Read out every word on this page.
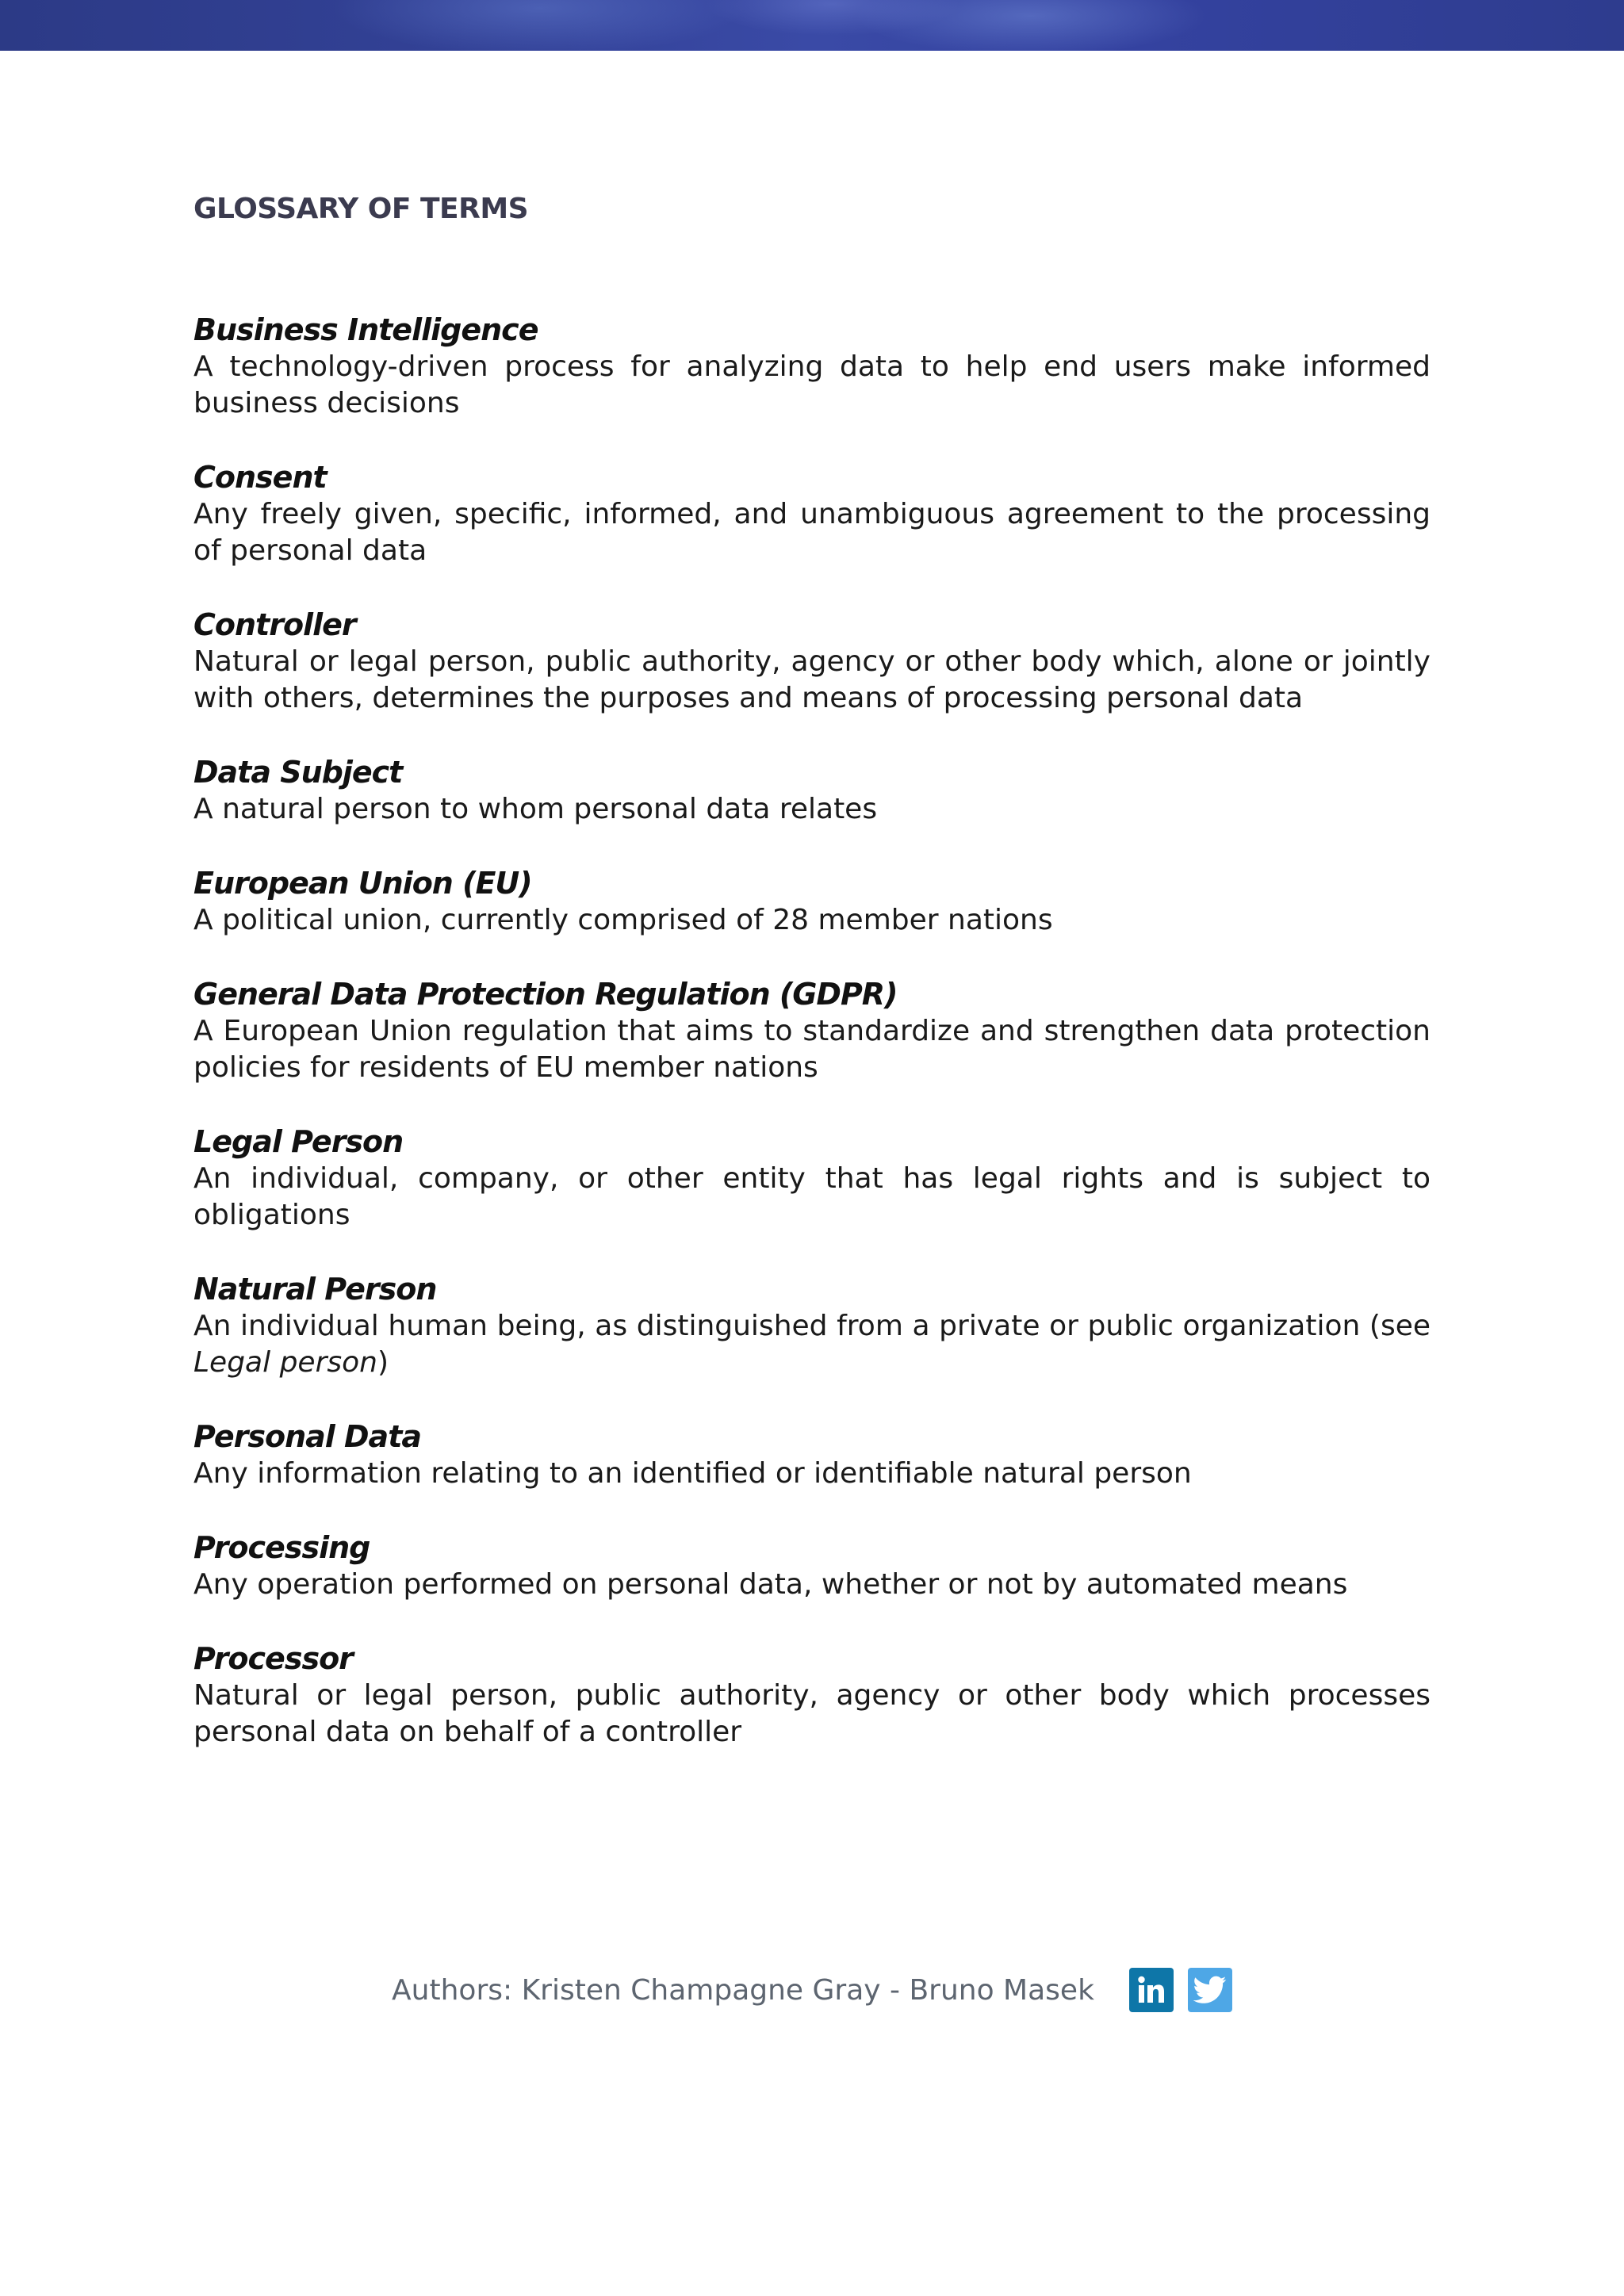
GLOSSARY OF TERMS
Business Intelligence
A technology-driven process for analyzing data to help end users make informed business decisions
Consent
Any freely given, specific, informed, and unambiguous agreement to the processing of personal data
Controller
Natural or legal person, public authority, agency or other body which, alone or jointly with others, determines the purposes and means of processing personal data
Data Subject
A natural person to whom personal data relates
European Union (EU)
A political union, currently comprised of 28 member nations
General Data Protection Regulation (GDPR)
A European Union regulation that aims to standardize and strengthen data protection policies for residents of EU member nations
Legal Person
An individual, company, or other entity that has legal rights and is subject to obligations
Natural Person
An individual human being, as distinguished from a private or public organization (see Legal person)
Personal Data
Any information relating to an identified or identifiable natural person
Processing
Any operation performed on personal data, whether or not by automated means
Processor
Natural or legal person, public authority, agency or other body which processes personal data on behalf of a controller
Authors: Kristen Champagne Gray - Bruno Masek
